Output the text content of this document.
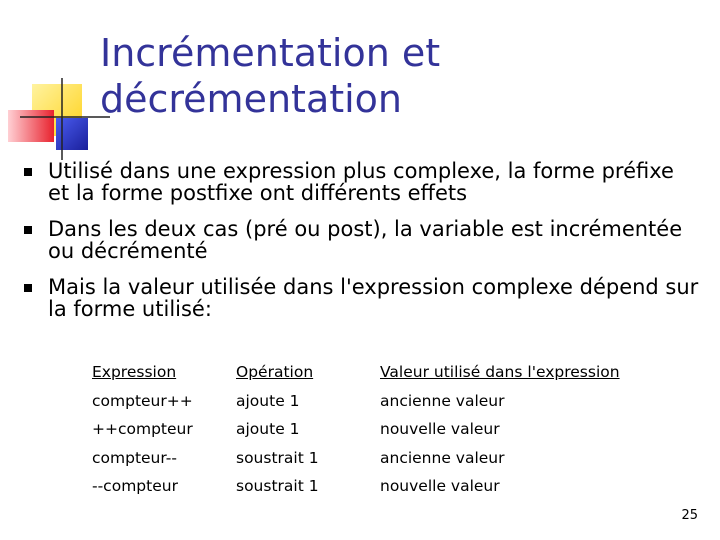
Incrémentation et
décrémentation
Utilisé dans une expression plus complexe, la forme préfixe et la forme postfixe ont différents effets
Dans les deux cas (pré ou post), la variable est incrémentée ou décrémenté
Mais la valeur utilisée dans l'expression complexe dépend sur la forme utilisé:
Expression	Opération	Valeur utilisé dans l'expression
compteur++	ajoute 1	ancienne valeur
++compteur	ajoute 1	nouvelle valeur
compteur--	soustrait 1	ancienne valeur
--compteur	soustrait 1	nouvelle valeur
25
